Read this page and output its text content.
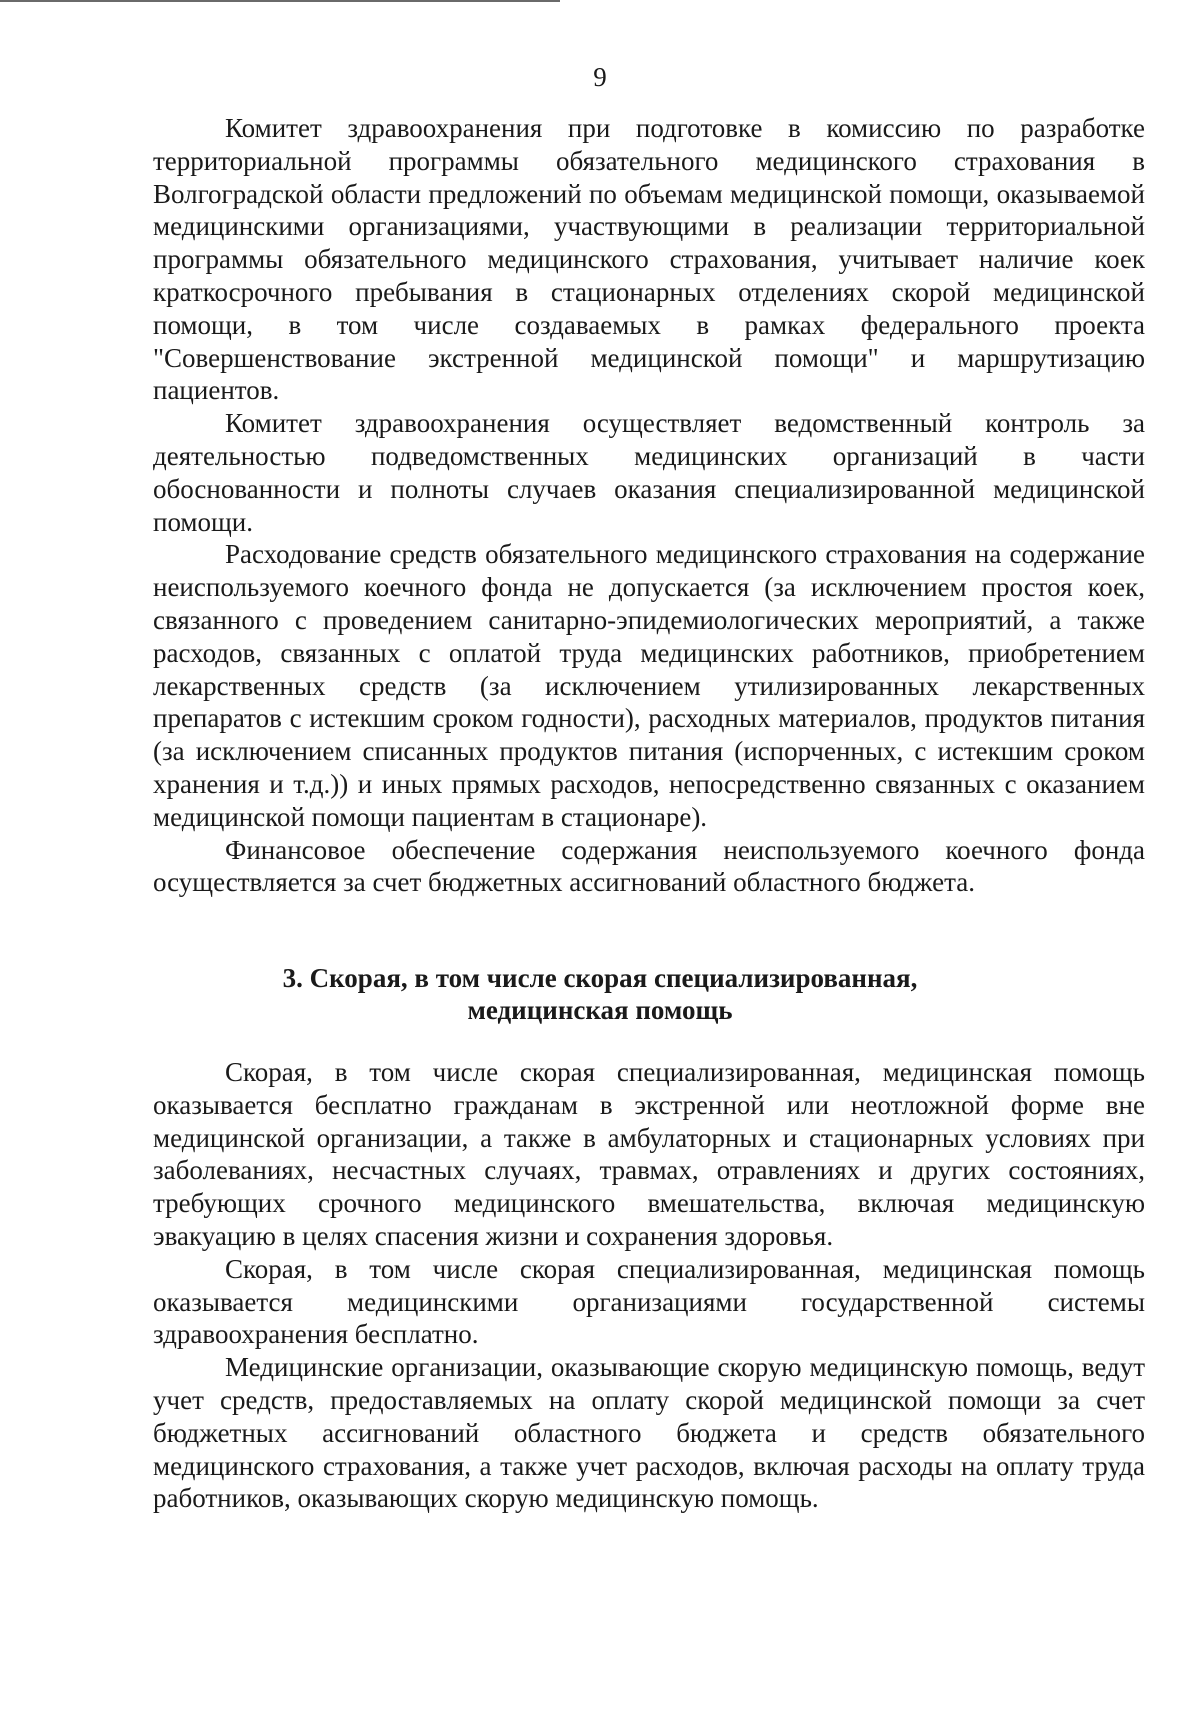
9

Комитет здравоохранения при подготовке в комиссию по разработке территориальной программы обязательного медицинского страхования в Волгоградской области предложений по объемам медицинской помощи, оказываемой медицинскими организациями, участвующими в реализации территориальной программы обязательного медицинского страхования, учитывает наличие коек краткосрочного пребывания в стационарных отделениях скорой медицинской помощи, в том числе создаваемых в рамках федерального проекта "Совершенствование экстренной медицинской помощи" и маршрутизацию пациентов.

Комитет здравоохранения осуществляет ведомственный контроль за деятельностью подведомственных медицинских организаций в части обоснованности и полноты случаев оказания специализированной медицинской помощи.

Расходование средств обязательного медицинского страхования на содержание неиспользуемого коечного фонда не допускается (за исключением простоя коек, связанного с проведением санитарно-эпидемиологических мероприятий, а также расходов, связанных с оплатой труда медицинских работников, приобретением лекарственных средств (за исключением утилизированных лекарственных препаратов с истекшим сроком годности), расходных материалов, продуктов питания (за исключением списанных продуктов питания (испорченных, с истекшим сроком хранения и т.д.)) и иных прямых расходов, непосредственно связанных с оказанием медицинской помощи пациентам в стационаре).

Финансовое обеспечение содержания неиспользуемого коечного фонда осуществляется за счет бюджетных ассигнований областного бюджета.

3. Скорая, в том числе скорая специализированная,
медицинская помощь

Скорая, в том числе скорая специализированная, медицинская помощь оказывается бесплатно гражданам в экстренной или неотложной форме вне медицинской организации, а также в амбулаторных и стационарных условиях при заболеваниях, несчастных случаях, травмах, отравлениях и других состояниях, требующих срочного медицинского вмешательства, включая медицинскую эвакуацию в целях спасения жизни и сохранения здоровья.

Скорая, в том числе скорая специализированная, медицинская помощь оказывается медицинскими организациями государственной системы здравоохранения бесплатно.

Медицинские организации, оказывающие скорую медицинскую помощь, ведут учет средств, предоставляемых на оплату скорой медицинской помощи за счет бюджетных ассигнований областного бюджета и средств обязательного медицинского страхования, а также учет расходов, включая расходы на оплату труда работников, оказывающих скорую медицинскую помощь.
